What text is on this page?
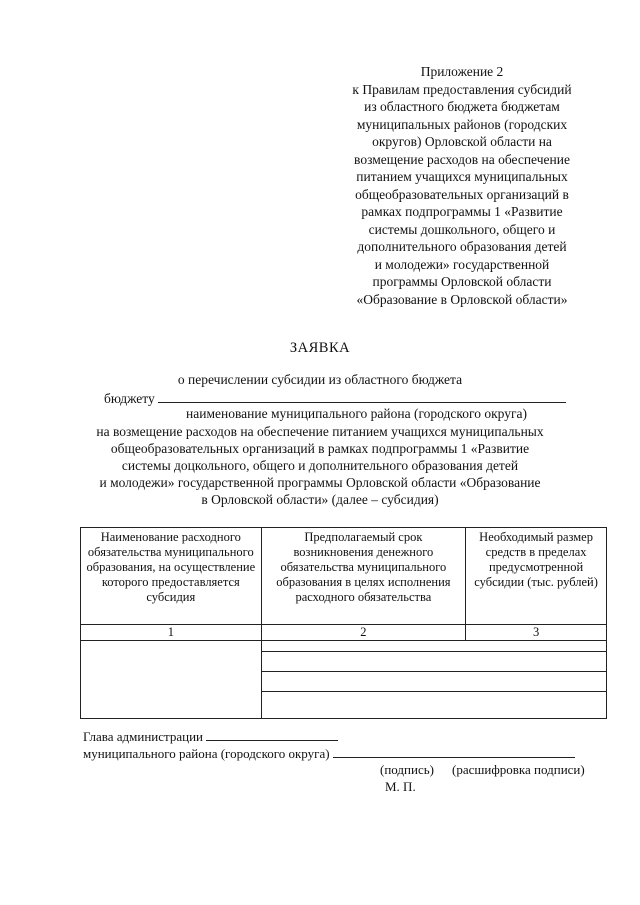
Приложение 2
к Правилам предоставления субсидий
из областного бюджета бюджетам
муниципальных районов (городских
округов) Орловской области на
возмещение расходов на обеспечение
питанием учащихся муниципальных
общеобразовательных организаций в
рамках подпрограммы 1 «Развитие
системы дошкольного, общего и
дополнительного образования детей
и молодежи» государственной
программы Орловской области
«Образование в Орловской области»
ЗАЯВКА
о перечислении субсидии из областного бюджета
бюджету
наименование муниципального района (городского округа)
на возмещение расходов на обеспечение питанием учащихся муниципальных
общеобразовательных организаций в рамках подпрограммы 1 «Развитие
системы доцкольного, общего и дополнительного образования детей
и молодежи» государственной программы Орловской области «Образование
в Орловской области» (далее – субсидия)
Наименование расходного обязательства муниципального образования, на осуществление которого предоставляется субсидия	Предполагаемый срок возникновения денежного обязательства муниципального образования в целях исполнения расходного обязательства	Необходимый размер средств в пределах предусмотренной субсидии (тыс. рублей)
1	2	3

Глава администрации
муниципального района (городского округа)
(подпись) (расшифровка подписи)
М. П.
